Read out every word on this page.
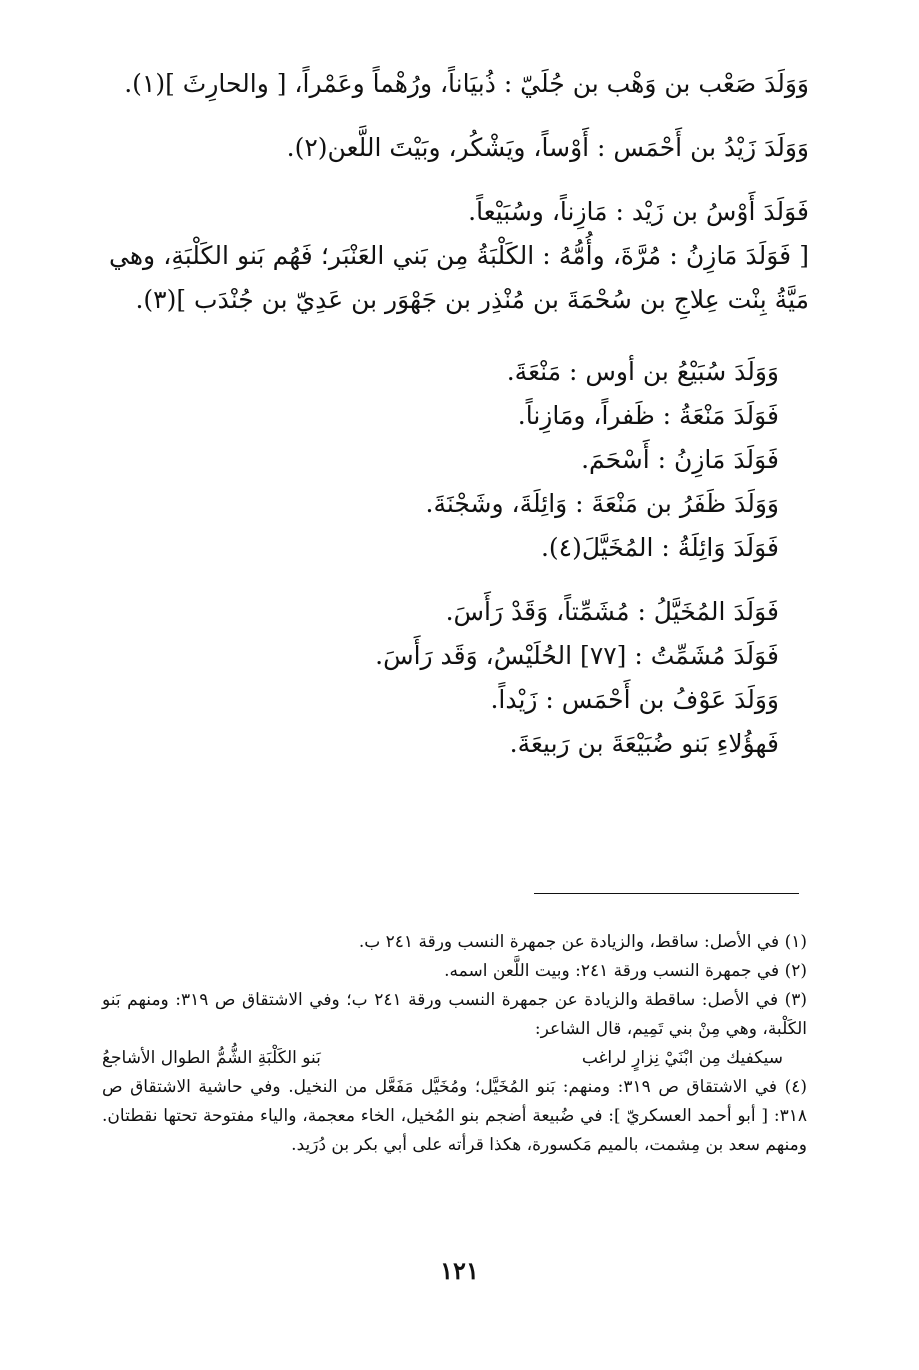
وَوَلَدَ صَعْب بن وَهْب بن جُلَيّ : ذُبيَاناً، ورُهْماً وعَمْراً، [ والحارِثَ ](١).

وَوَلَدَ زَيْدُ بن أَحْمَس : أَوْساً، ويَشْكُر، وبَيْتَ اللَّعن(٢).

فَوَلَدَ أَوْسُ بن زَيْد : مَازِناً، وسُبَيْعاً.

[ فَوَلَدَ مَازِنُ : مُرَّةَ، وأُمُّهُ : الكَلْبَةُ مِن بَني العَنْبَر؛ فَهُم بَنو الكَلْبَةِ، وهي مَيَّةُ بِنْت عِلاجِ بن سُحْمَةَ بن مُنْذِر بن جَهْوَر بن عَدِيّ بن جُنْدَب ](٣).

وَوَلَدَ سُبَيْعُ بن أوس : مَنْعَةَ.

فَوَلَدَ مَنْعَةُ : ظَفراً، ومَازِناً.

فَوَلَدَ مَازِنُ : أَسْحَمَ.

وَوَلَدَ ظَفَرُ بن مَنْعَةَ : وَائِلَةَ، وشَجْنَةَ.

فَوَلَدَ وَائِلَةُ : المُخَيَّلَ(٤).

فَوَلَدَ المُخَيَّلُ : مُشَمِّتاً، وَقَدْ رَأَسَ.

فَوَلَدَ مُشَمِّتُ : [٧٧] الحُلَيْسُ، وَقَد رَأَسَ.

وَوَلَدَ عَوْفُ بن أَحْمَس : زَيْداً.

فَهؤُلاءِ بَنو ضُبَيْعَةَ بن رَبيعَةَ.

(١) في الأصل: ساقط، والزيادة عن جمهرة النسب ورقة ٢٤١ ب.

(٢) في جمهرة النسب ورقة ٢٤١: وبيت اللَّعن اسمه.

(٣) في الأصل: ساقطة والزيادة عن جمهرة النسب ورقة ٢٤١ ب؛ وفي الاشتقاق ص ٣١٩: ومنهم بَنو الكَلْبة، وهي مِنْ بني تَمِيم، قال الشاعر:

سيكفيك مِن ابْنَيْ نِزارٍ لراغب
بَنو الكَلْبَةِ الشُّمُّ الطوال الأشاجعُ

(٤) في الاشتقاق ص ٣١٩: ومنهم: بَنو المُخَيَّل؛ ومُخَيَّل مَفَعَّل من النخيل. وفي حاشية الاشتقاق ص ٣١٨: [ أبو أحمد العسكريّ ]: في ضُبيعة أضجم بنو المُخيل، الخاء معجمة، والياء مفتوحة تحتها نقطتان. ومنهم سعد بن مِشمت، بالميم مَكسورة، هكذا قرأته على أبي بكر بن دُرَيد.

١٢١
